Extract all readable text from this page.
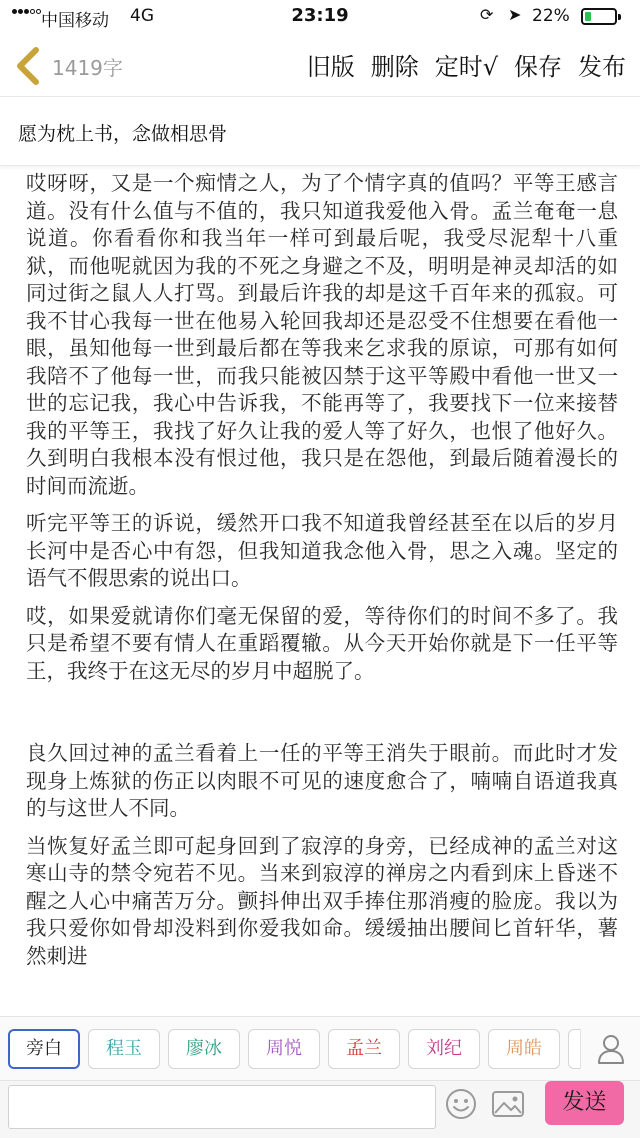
中国移动 4G	23:19	⟳ ➤ 22%
1419字	旧版 删除 定时√ 保存 发布
愿为枕上书，念做相思骨

哎呀呀，又是一个痴情之人，为了个情字真的值吗？平等王感言道。没有什么值与不值的，我只知道我爱他入骨。孟兰奄奄一息说道。你看看你和我当年一样可到最后呢，我受尽泥犁十八重狱，而他呢就因为我的不死之身避之不及，明明是神灵却活的如同过街之鼠人人打骂。到最后许我的却是这千百年来的孤寂。可我不甘心我每一世在他易入轮回我却还是忍受不住想要在看他一眼，虽知他每一世到最后都在等我来乞求我的原谅，可那有如何我陪不了他每一世，而我只能被囚禁于这平等殿中看他一世又一世的忘记我，我心中告诉我，不能再等了，我要找下一位来接替我的平等王，我找了好久让我的爱人等了好久，也恨了他好久。久到明白我根本没有恨过他，我只是在怨他，到最后随着漫长的时间而流逝。

听完平等王的诉说，缓然开口我不知道我曾经甚至在以后的岁月长河中是否心中有怨，但我知道我念他入骨，思之入魂。坚定的语气不假思索的说出口。

哎，如果爱就请你们毫无保留的爱，等待你们的时间不多了。我只是希望不要有情人在重蹈覆辙。从今天开始你就是下一任平等王，我终于在这无尽的岁月中超脱了。

良久回过神的孟兰看着上一任的平等王消失于眼前。而此时才发现身上炼狱的伤正以肉眼不可见的速度愈合了，喃喃自语道我真的与这世人不同。

当恢复好孟兰即可起身回到了寂淳的身旁，已经成神的孟兰对这寒山寺的禁令宛若不见。当来到寂淳的禅房之内看到床上昏迷不醒之人心中痛苦万分。颤抖伸出双手捧住那消瘦的脸庞。我以为我只爱你如骨却没料到你爱我如命。缓缓抽出腰间匕首轩华，薯然刺进

旁白	程玉	廖冰	周悦	孟兰	刘纪	周皓
发送
